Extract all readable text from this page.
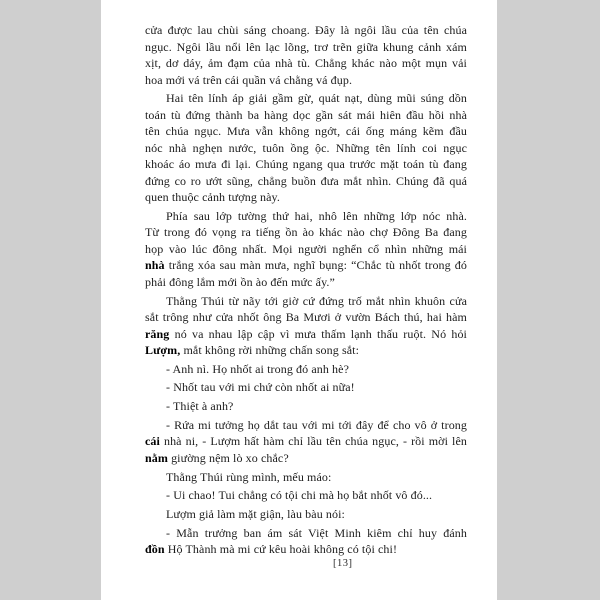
cửa được lau chùi sáng choang. Đây là ngôi lầu của tên chúa
ngục. Ngôi lầu nổi lên lạc lõng, trơ trẽn giữa khung cảnh xám
xịt, dơ dáy, ảm đạm của nhà tù. Chẳng khác nào một mụn vải
hoa mới vá trên cái quần vá chằng vá đụp.
Hai tên lính áp giải gầm gừ, quát nạt, dùng mũi súng dồn
toán tù đứng thành ba hàng dọc gần sát mái hiên đầu hồi nhà
tên chúa ngục. Mưa vẫn không ngớt, cái ống máng kẽm đầu
nóc nhà nghẹn nước, tuôn ồng ộc. Những tên lính coi ngục
khoác áo mưa đi lại. Chúng ngang qua trước mặt toán tù đang
đứng co ro ướt sũng, chẳng buồn đưa mắt nhìn. Chúng đã quá
quen thuộc cảnh tượng này.
Phía sau lớp tường thứ hai, nhô lên những lớp nóc nhà.
Từ trong đó vọng ra tiếng ồn ào khác nào chợ Đông Ba đang
họp vào lúc đông nhất. Mọi người nghển cổ nhìn những mái
nhà trắng xóa sau màn mưa, nghĩ bụng: “Chắc tù nhốt trong đó
phải đông lắm mới ồn ào đến mức ấy.”
Thằng Thúi từ nãy tới giờ cứ đứng trố mắt nhìn khuôn cửa
sắt trông như cửa nhốt ông Ba Mươi ở vườn Bách thú, hai hàm
răng nó va nhau lập cập vì mưa thấm lạnh thấu ruột. Nó hỏi
Lượm, mắt không rời những chấn song sắt:
- Anh nì. Họ nhốt ai trong đó anh hè?
- Nhốt tau với mi chứ còn nhốt ai nữa!
- Thiệt à anh?
- Rứa mi tưởng họ dắt tau với mi tới đây để cho vô ở trong
cái nhà ni, - Lượm hất hàm chỉ lầu tên chúa ngục, - rồi mời lên
nằm giường nệm lò xo chắc?
Thằng Thúi rùng mình, mếu máo:
- Ui chao! Tui chẳng có tội chi mà họ bắt nhốt vô đó...
Lượm giả làm mặt giận, làu bàu nói:
- Mẫn trưởng ban ám sát Việt Minh kiêm chỉ huy đánh
đồn Hộ Thành mà mi cứ kêu hoài không có tội chi!
[13]
